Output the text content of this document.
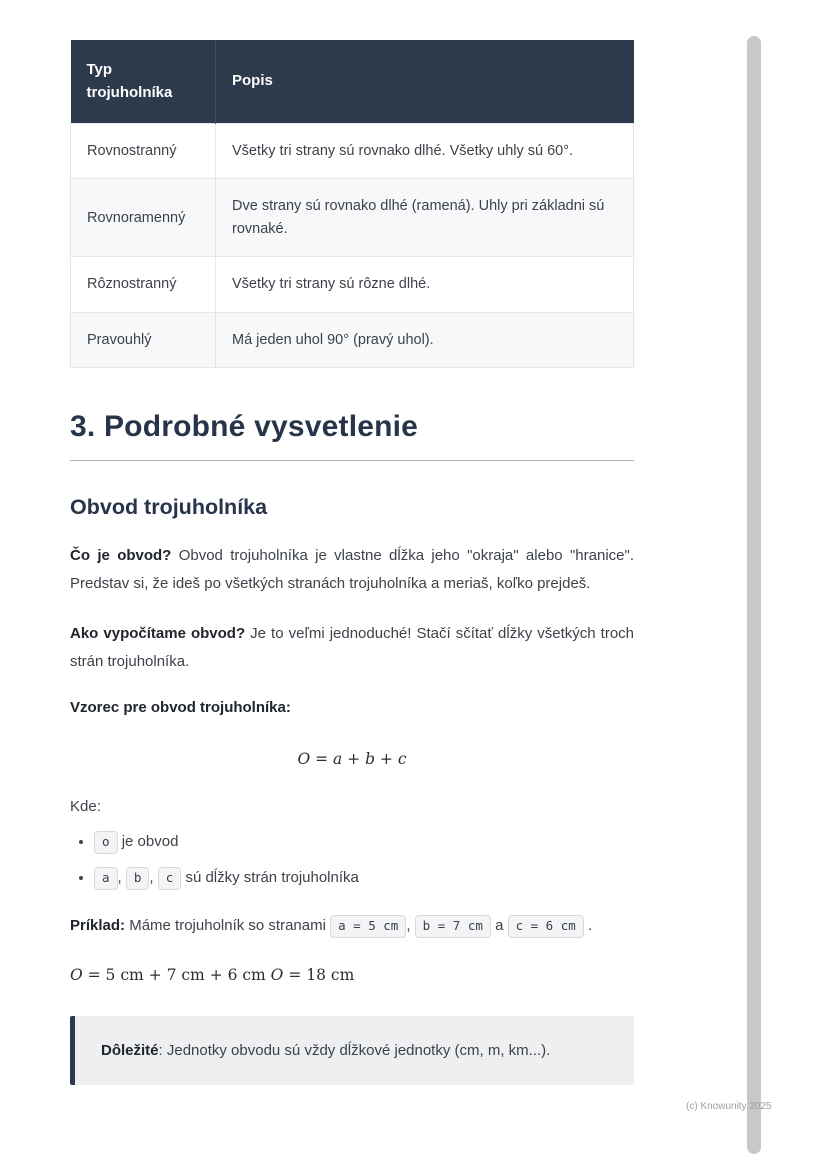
Typ trojuholníka	Popis
Rovnostranný	Všetky tri strany sú rovnako dlhé. Všetky uhly sú 60°.
Rovnoramenný	Dve strany sú rovnako dlhé (ramená). Uhly pri základni sú rovnaké.
Rôznostranný	Všetky tri strany sú rôzne dlhé.
Pravouhlý	Má jeden uhol 90° (pravý uhol).
3. Podrobné vysvetlenie
Obvod trojuholníka

Čo je obvod? Obvod trojuholníka je vlastne dĺžka jeho "okraja" alebo "hranice". Predstav si, že ideš po všetkých stranách trojuholníka a meriaš, koľko prejdeš.

Ako vypočítame obvod? Je to veľmi jednoduché! Stačí sčítať dĺžky všetkých troch strán trojuholníka.

Vzorec pre obvod trojuholníka:

O = a + b + c

Kde:

• o je obvod
• a , b , c sú dĺžky strán trojuholníka

Príklad: Máme trojuholník so stranami a = 5 cm , b = 7 cm a c = 6 cm .

O = 5 cm + 7 cm + 6 cm O = 18 cm

Dôležité: Jednotky obvodu sú vždy dĺžkové jednotky (cm, m, km...).
(c) Knowunity 2025
